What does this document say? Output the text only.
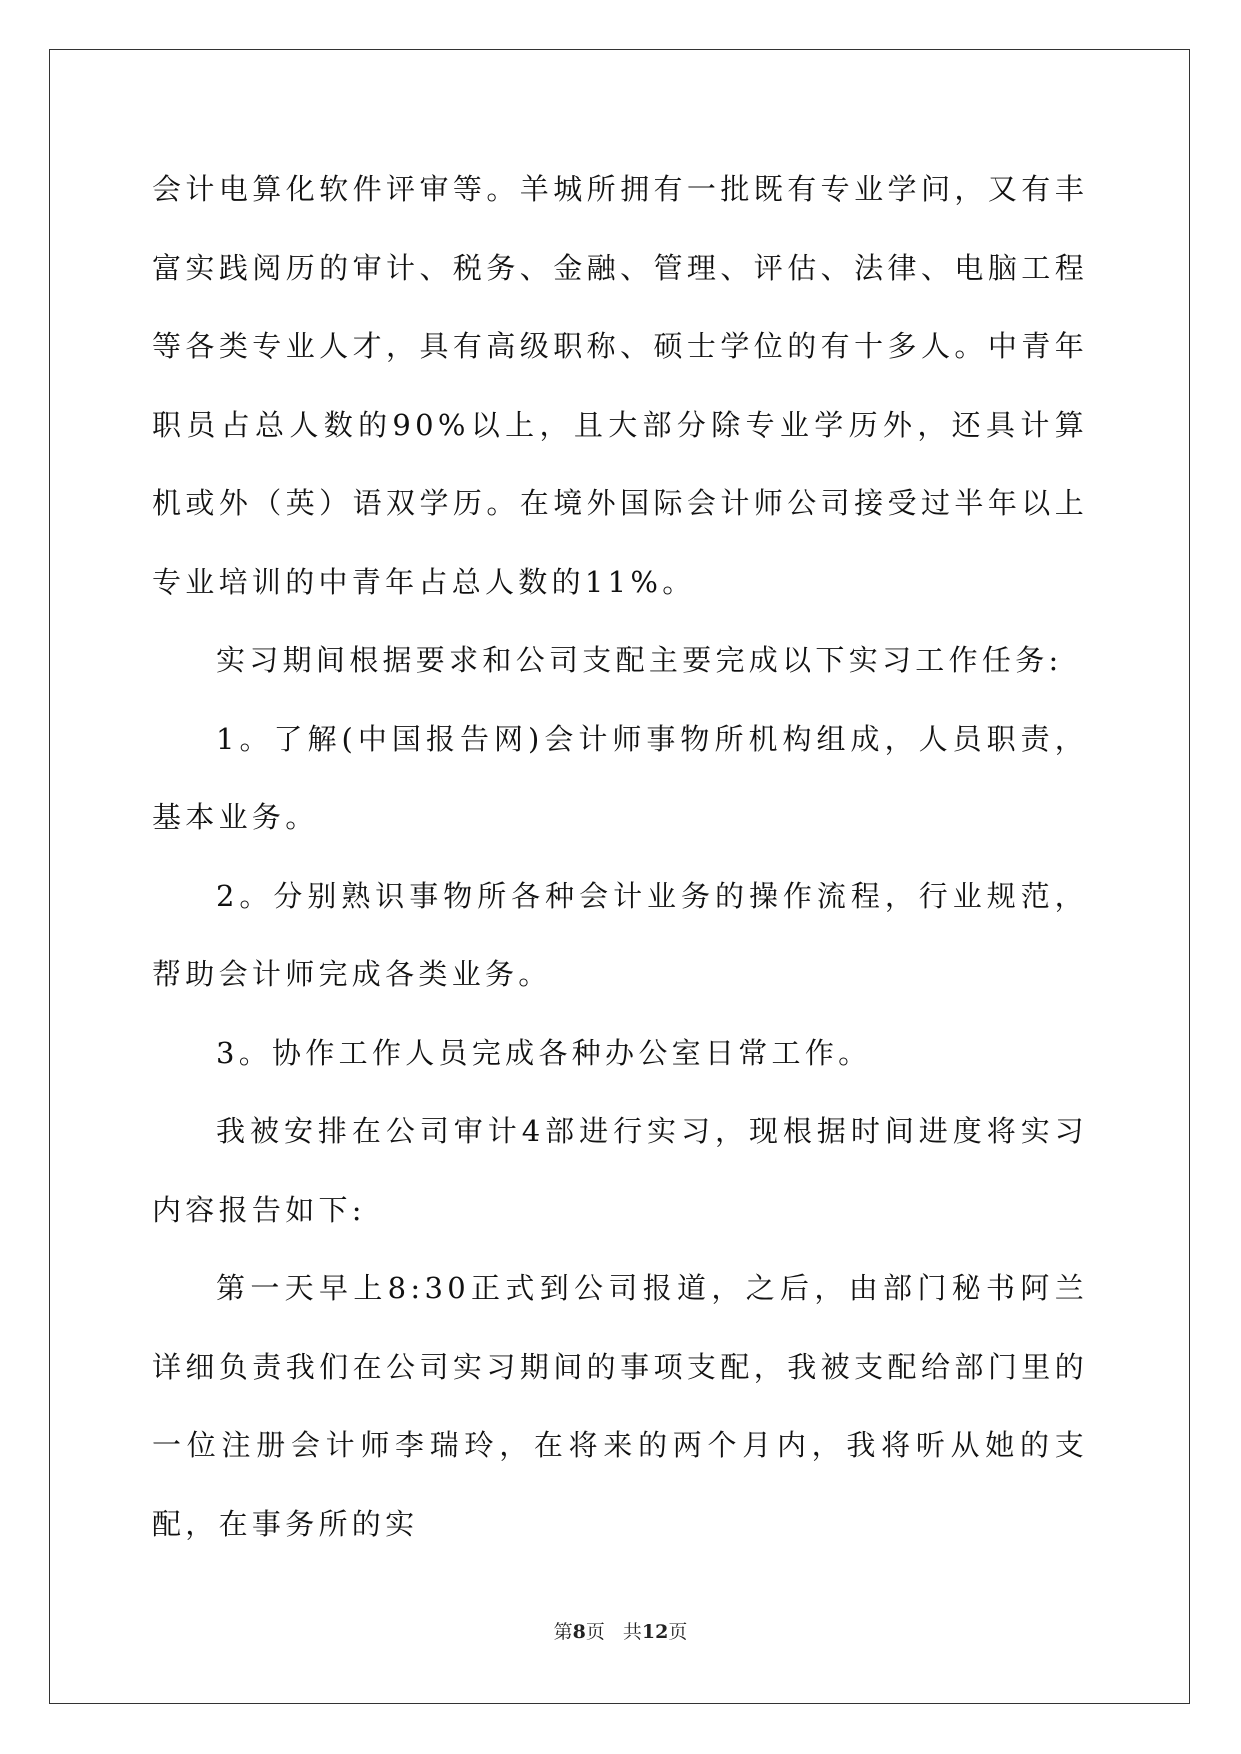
会计电算化软件评审等。羊城所拥有一批既有专业学问，又有丰富实践阅历的审计、税务、金融、管理、评估、法律、电脑工程等各类专业人才，具有高级职称、硕士学位的有十多人。中青年职员占总人数的90%以上，且大部分除专业学历外，还具计算机或外（英）语双学历。在境外国际会计师公司接受过半年以上专业培训的中青年占总人数的11%。

实习期间根据要求和公司支配主要完成以下实习工作任务:

1。了解(中国报告网)会计师事物所机构组成，人员职责，基本业务。

2。分别熟识事物所各种会计业务的操作流程，行业规范，帮助会计师完成各类业务。

3。协作工作人员完成各种办公室日常工作。

我被安排在公司审计4部进行实习，现根据时间进度将实习内容报告如下:

第一天早上8:30正式到公司报道，之后，由部门秘书阿兰详细负责我们在公司实习期间的事项支配，我被支配给部门里的一位注册会计师李瑞玲，在将来的两个月内，我将听从她的支配，在事务所的实

第8页 共12页
